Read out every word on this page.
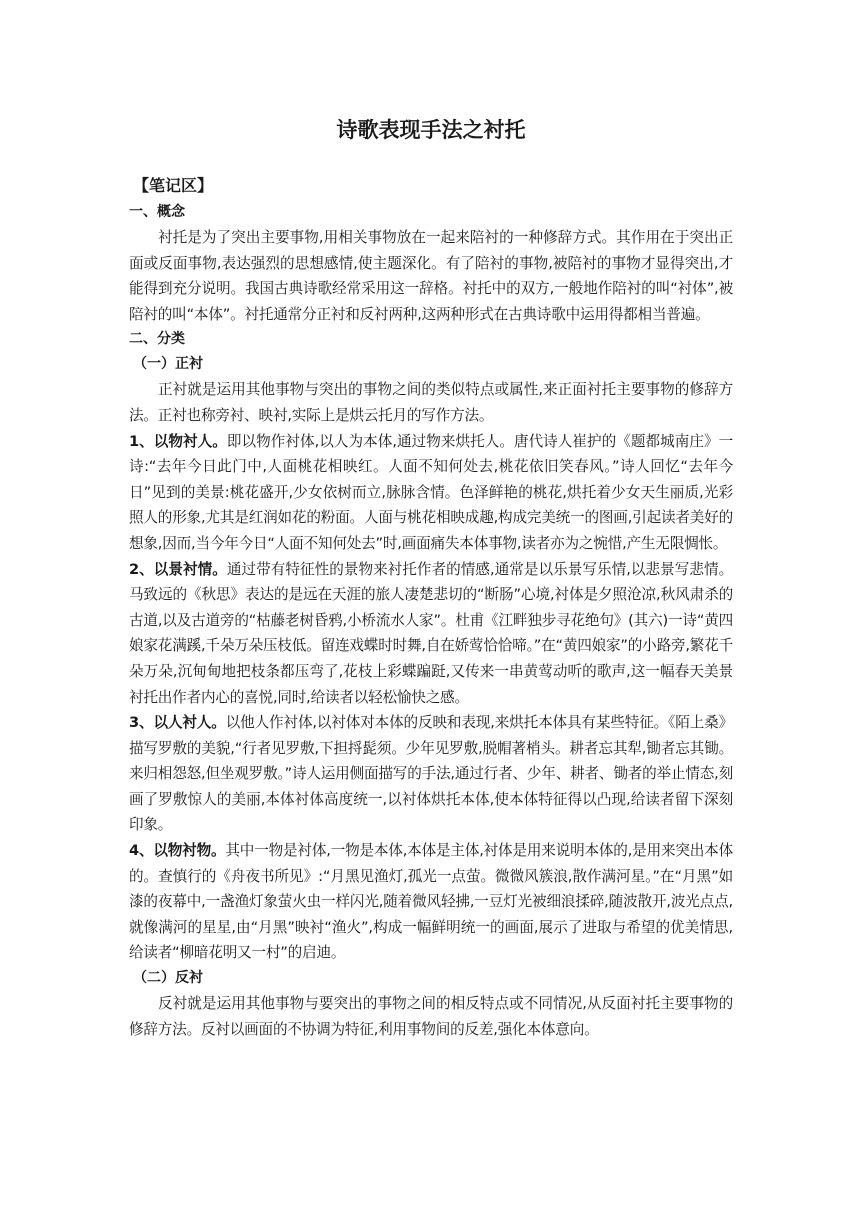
诗歌表现手法之衬托
【笔记区】
一、概念
衬托是为了突出主要事物,用相关事物放在一起来陪衬的一种修辞方式。其作用在于突出正面或反面事物,表达强烈的思想感情,使主题深化。有了陪衬的事物,被陪衬的事物才显得突出,才能得到充分说明。我国古典诗歌经常采用这一辞格。衬托中的双方,一般地作陪衬的叫“衬体”,被陪衬的叫“本体”。衬托通常分正衬和反衬两种,这两种形式在古典诗歌中运用得都相当普遍。
二、分类
（一）正衬
正衬就是运用其他事物与突出的事物之间的类似特点或属性,来正面衬托主要事物的修辞方法。正衬也称旁衬、映衬,实际上是烘云托月的写作方法。
1、以物衬人。即以物作衬体,以人为本体,通过物来烘托人。唐代诗人崔护的《题都城南庄》一诗:“去年今日此门中,人面桃花相映红。人面不知何处去,桃花依旧笑春风。”诗人回忆“去年今日”见到的美景:桃花盛开,少女依树而立,脉脉含情。色泽鲜艳的桃花,烘托着少女天生丽质,光彩照人的形象,尤其是红润如花的粉面。人面与桃花相映成趣,构成完美统一的图画,引起读者美好的想象,因而,当今年今日“人面不知何处去”时,画面痛失本体事物,读者亦为之惋惜,产生无限惆怅。
2、以景衬情。通过带有特征性的景物来衬托作者的情感,通常是以乐景写乐情,以悲景写悲情。马致远的《秋思》表达的是远在天涯的旅人凄楚悲切的“断肠”心境,衬体是夕照沧凉,秋风肃杀的古道,以及古道旁的“枯藤老树昏鸦,小桥流水人家”。杜甫《江畔独步寻花绝句》(其六)一诗“黄四娘家花满蹊,千朵万朵压枝低。留连戏蝶时时舞,自在娇莺恰恰啼。”在“黄四娘家”的小路旁,繁花千朵万朵,沉甸甸地把枝条都压弯了,花枝上彩蝶蹁跹,又传来一串黄莺动听的歌声,这一幅春天美景衬托出作者内心的喜悦,同时,给读者以轻松愉快之感。
3、以人衬人。以他人作衬体,以衬体对本体的反映和表现,来烘托本体具有某些特征。《陌上桑》描写罗敷的美貌,“行者见罗敷,下担捋髭须。少年见罗敷,脱帽著梢头。耕者忘其犁,锄者忘其锄。来归相怨怒,但坐观罗敷。”诗人运用侧面描写的手法,通过行者、少年、耕者、锄者的举止情态,刻画了罗敷惊人的美丽,本体衬体高度统一,以衬体烘托本体,使本体特征得以凸现,给读者留下深刻印象。
4、以物衬物。其中一物是衬体,一物是本体,本体是主体,衬体是用来说明本体的,是用来突出本体的。查慎行的《舟夜书所见》:“月黑见渔灯,孤光一点萤。微微风簇浪,散作满河星。”在“月黑”如漆的夜幕中,一盏渔灯象萤火虫一样闪光,随着微风轻拂,一豆灯光被细浪揉碎,随波散开,波光点点,就像满河的星星,由“月黑”映衬“渔火”,构成一幅鲜明统一的画面,展示了进取与希望的优美情思,给读者“柳暗花明又一村”的启迪。
（二）反衬
反衬就是运用其他事物与要突出的事物之间的相反特点或不同情况,从反面衬托主要事物的修辞方法。反衬以画面的不协调为特征,利用事物间的反差,强化本体意向。
